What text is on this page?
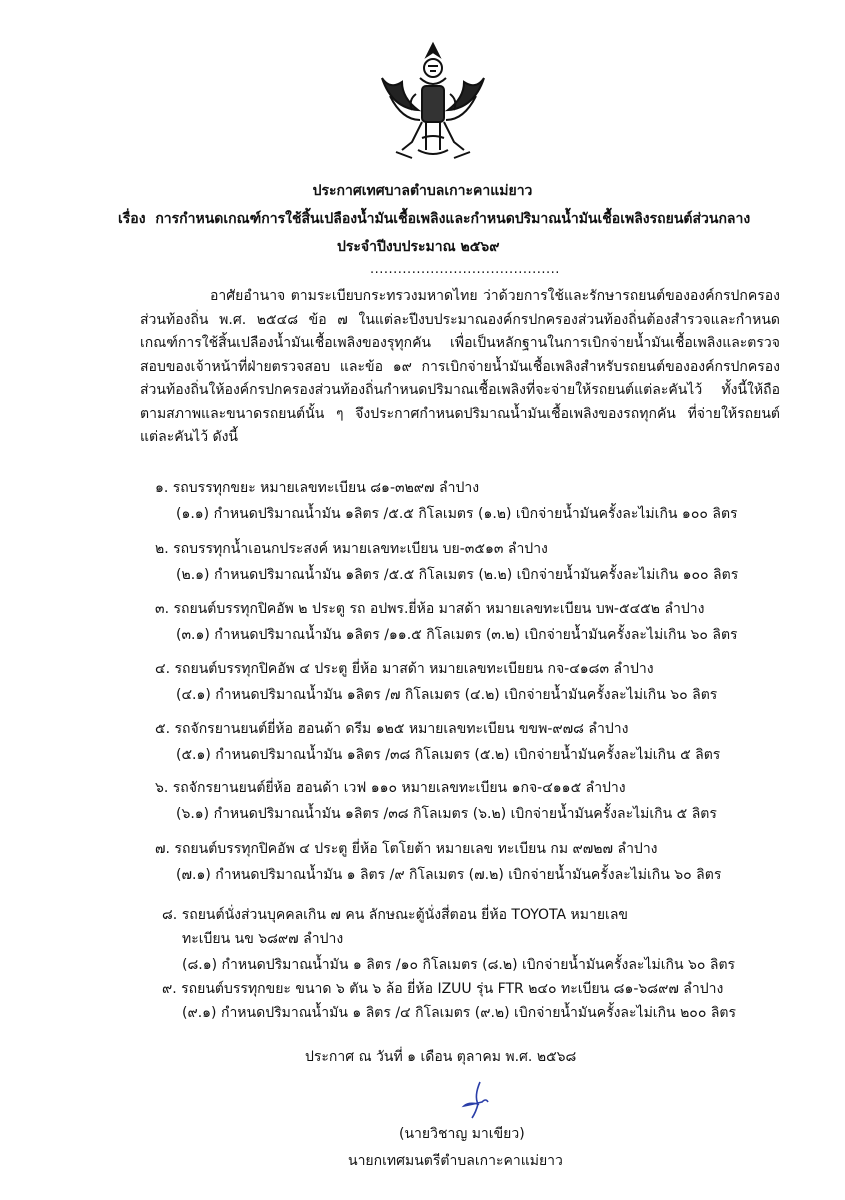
ประกาศเทศบาลตำบลเกาะคาแม่ยาว
เรื่อง การกำหนดเกณฑ์การใช้สิ้นเปลืองน้ำมันเชื้อเพลิงและกำหนดปริมาณน้ำมันเชื้อเพลิงรถยนต์ส่วนกลาง
ประจำปีงบประมาณ ๒๕๖๙
.........................................
อาศัยอำนาจ ตามระเบียบกระทรวงมหาดไทย ว่าด้วยการใช้และรักษารถยนต์ขององค์กรปกครองส่วนท้องถิ่น พ.ศ. ๒๕๔๘ ข้อ ๗ ในแต่ละปีงบประมาณองค์กรปกครองส่วนท้องถิ่นต้องสำรวจและกำหนดเกณฑ์การใช้สิ้นเปลืองน้ำมันเชื้อเพลิงของรุทุกคัน เพื่อเป็นหลักฐานในการเบิกจ่ายน้ำมันเชื้อเพลิงและตรวจสอบของเจ้าหน้าที่ฝ่ายตรวจสอบ และข้อ ๑๙ การเบิกจ่ายน้ำมันเชื้อเพลิงสำหรับรถยนต์ขององค์กรปกครองส่วนท้องถิ่นให้องค์กรปกครองส่วนท้องถิ่นกำหนดปริมาณเชื้อเพลิงที่จะจ่ายให้รถยนต์แต่ละคันไว้ ทั้งนี้ให้ถือตามสภาพและขนาดรถยนต์นั้น ๆ จึงประกาศกำหนดปริมาณน้ำมันเชื้อเพลิงของรถทุกคัน ที่จ่ายให้รถยนต์แต่ละคันไว้ ดังนี้
๑. รถบรรทุกขยะ หมายเลขทะเบียน ๘๑-๓๒๙๗ ลำปาง
(๑.๑) กำหนดปริมาณน้ำมัน ๑ลิตร /๕.๕ กิโลเมตร (๑.๒) เบิกจ่ายน้ำมันครั้งละไม่เกิน ๑๐๐ ลิตร
๒. รถบรรทุกน้ำเอนกประสงค์ หมายเลขทะเบียน บย-๓๕๑๓ ลำปาง
(๒.๑) กำหนดปริมาณน้ำมัน ๑ลิตร /๕.๕ กิโลเมตร (๒.๒) เบิกจ่ายน้ำมันครั้งละไม่เกิน ๑๐๐ ลิตร
๓. รถยนต์บรรทุกปิคอัพ ๒ ประตู รถ อปพร.ยี่ห้อ มาสด้า หมายเลขทะเบียน บพ-๕๔๕๒ ลำปาง
(๓.๑) กำหนดปริมาณน้ำมัน ๑ลิตร /๑๑.๕ กิโลเมตร (๓.๒) เบิกจ่ายน้ำมันครั้งละไม่เกิน ๖๐ ลิตร
๔. รถยนต์บรรทุกปิคอัพ ๔ ประตู ยี่ห้อ มาสด้า หมายเลขทะเบียยน กจ-๔๑๘๓ ลำปาง
(๔.๑) กำหนดปริมาณน้ำมัน ๑ลิตร /๗ กิโลเมตร (๔.๒) เบิกจ่ายน้ำมันครั้งละไม่เกิน ๖๐ ลิตร
๕. รถจักรยานยนต์ยี่ห้อ ฮอนด้า ดรีม ๑๒๕ หมายเลขทะเบียน ขขพ-๙๗๘ ลำปาง
(๕.๑) กำหนดปริมาณน้ำมัน ๑ลิตร /๓๘ กิโลเมตร (๕.๒) เบิกจ่ายน้ำมันครั้งละไม่เกิน ๕ ลิตร
๖. รถจักรยานยนต์ยี่ห้อ ฮอนด้า เวฟ ๑๑๐ หมายเลขทะเบียน ๑กจ-๔๑๑๕ ลำปาง
(๖.๑) กำหนดปริมาณน้ำมัน ๑ลิตร /๓๘ กิโลเมตร (๖.๒) เบิกจ่ายน้ำมันครั้งละไม่เกิน ๕ ลิตร
๗. รถยนต์บรรทุกปิคอัพ ๔ ประตู ยี่ห้อ โตโยต้า หมายเลข ทะเบียน กม ๙๗๒๗ ลำปาง
(๗.๑) กำหนดปริมาณน้ำมัน ๑ ลิตร /๙ กิโลเมตร (๗.๒) เบิกจ่ายน้ำมันครั้งละไม่เกิน ๖๐ ลิตร
๘. รถยนต์นั่งส่วนบุคคลเกิน ๗ คน ลักษณะตู้นั่งสี่ตอน ยี่ห้อ TOYOTA หมายเลข
ทะเบียน นข ๖๘๙๗ ลำปาง
(๘.๑) กำหนดปริมาณน้ำมัน ๑ ลิตร /๑๐ กิโลเมตร (๘.๒) เบิกจ่ายน้ำมันครั้งละไม่เกิน ๖๐ ลิตร
๙. รถยนต์บรรทุกขยะ ขนาด ๖ ตัน ๖ ล้อ ยี่ห้อ IZUU รุ่น FTR ๒๔๐ ทะเบียน ๘๑-๖๘๙๗ ลำปาง
(๙.๑) กำหนดปริมาณน้ำมัน ๑ ลิตร /๔ กิโลเมตร (๙.๒) เบิกจ่ายน้ำมันครั้งละไม่เกิน ๒๐๐ ลิตร
ประกาศ ณ วันที่ ๑ เดือน ตุลาคม พ.ศ. ๒๕๖๘
(นายวิชาญ มาเขียว)
นายกเทศมนตรีตำบลเกาะคาแม่ยาว
